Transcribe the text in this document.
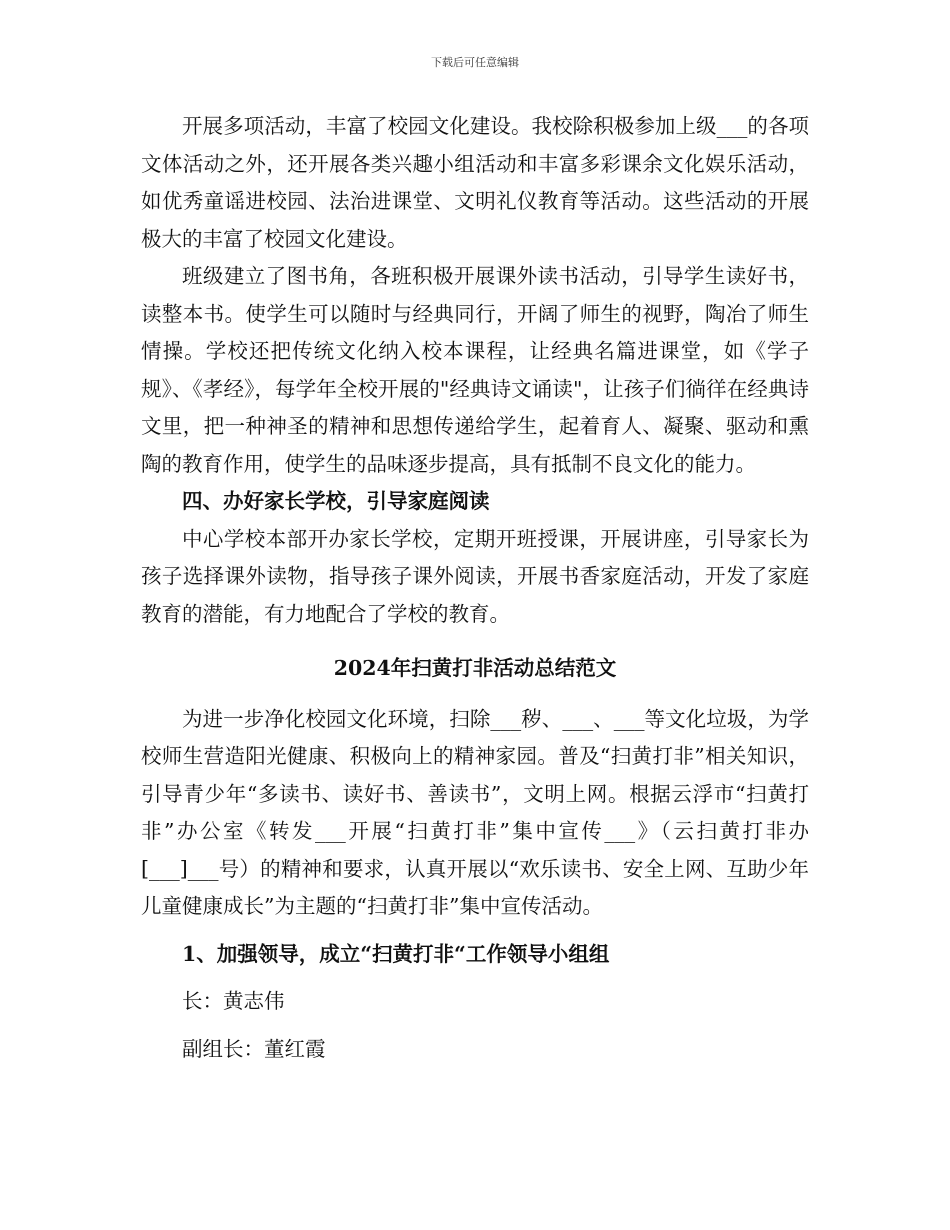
下载后可任意编辑

开展多项活动，丰富了校园文化建设。我校除积极参加上级___的各项文体活动之外，还开展各类兴趣小组活动和丰富多彩课余文化娱乐活动，如优秀童谣进校园、法治进课堂、文明礼仪教育等活动。这些活动的开展极大的丰富了校园文化建设。

班级建立了图书角，各班积极开展课外读书活动，引导学生读好书，读整本书。使学生可以随时与经典同行，开阔了师生的视野，陶冶了师生情操。学校还把传统文化纳入校本课程，让经典名篇进课堂，如《学子规》、《孝经》，每学年全校开展的"经典诗文诵读"，让孩子们徜徉在经典诗文里，把一种神圣的精神和思想传递给学生，起着育人、凝聚、驱动和熏陶的教育作用，使学生的品味逐步提高，具有抵制不良文化的能力。

四、办好家长学校，引导家庭阅读

中心学校本部开办家长学校，定期开班授课，开展讲座，引导家长为孩子选择课外读物，指导孩子课外阅读，开展书香家庭活动，开发了家庭教育的潜能，有力地配合了学校的教育。

2024年扫黄打非活动总结范文

为进一步净化校园文化环境，扫除___秽、___、___等文化垃圾，为学校师生营造阳光健康、积极向上的精神家园。普及“扫黄打非”相关知识，引导青少年“多读书、读好书、善读书”，文明上网。根据云浮市“扫黄打非”办公室《转发___开展“扫黄打非”集中宣传___》（云扫黄打非办[___]___号）的精神和要求，认真开展以“欢乐读书、安全上网、互助少年儿童健康成长”为主题的“扫黄打非”集中宣传活动。

1、加强领导，成立“扫黄打非“工作领导小组组

长：黄志伟

副组长：董红霞
